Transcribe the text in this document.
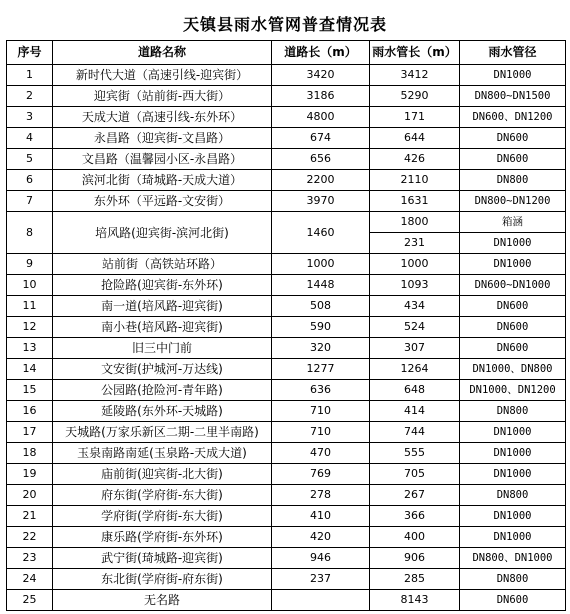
天镇县雨水管网普查情况表
序号	道路名称	道路长（m）	雨水管长（m）	雨水管径
1	新时代大道（高速引线-迎宾街）	3420	3412	DN1000
2	迎宾街（站前街-西大街）	3186	5290	DN800~DN1500
3	天成大道（高速引线-东外环）	4800	171	DN600、DN1200
4	永昌路（迎宾街-文昌路）	674	644	DN600
5	文昌路（温馨园小区-永昌路）	656	426	DN600
6	滨河北街（琦城路-天成大道）	2200	2110	DN800
7	东外环（平远路-文安街）	3970	1631	DN800~DN1200
8	培风路(迎宾街-滨河北街)	1460	1800	箱涵
			231	DN1000
9	站前街（高铁站环路）	1000	1000	DN1000
10	抢险路(迎宾街-东外环)	1448	1093	DN600~DN1000
11	南一道(培风路-迎宾街)	508	434	DN600
12	南小巷(培风路-迎宾街)	590	524	DN600
13	旧三中门前	320	307	DN600
14	文安街(护城河-万达线)	1277	1264	DN1000、DN800
15	公园路(抢险河-青年路)	636	648	DN1000、DN1200
16	延陵路(东外环-天城路)	710	414	DN800
17	天城路(万家乐新区二期-二里半南路)	710	744	DN1000
18	玉泉南路南延(玉泉路-天成大道)	470	555	DN1000
19	庙前街(迎宾街-北大街)	769	705	DN1000
20	府东街(学府街-东大街)	278	267	DN800
21	学府街(学府街-东大街)	410	366	DN1000
22	康乐路(学府街-东外环)	420	400	DN1000
23	武宁街(琦城路-迎宾街)	946	906	DN800、DN1000
24	东北街(学府街-府东街)	237	285	DN800
25	无名路		8143	DN600
